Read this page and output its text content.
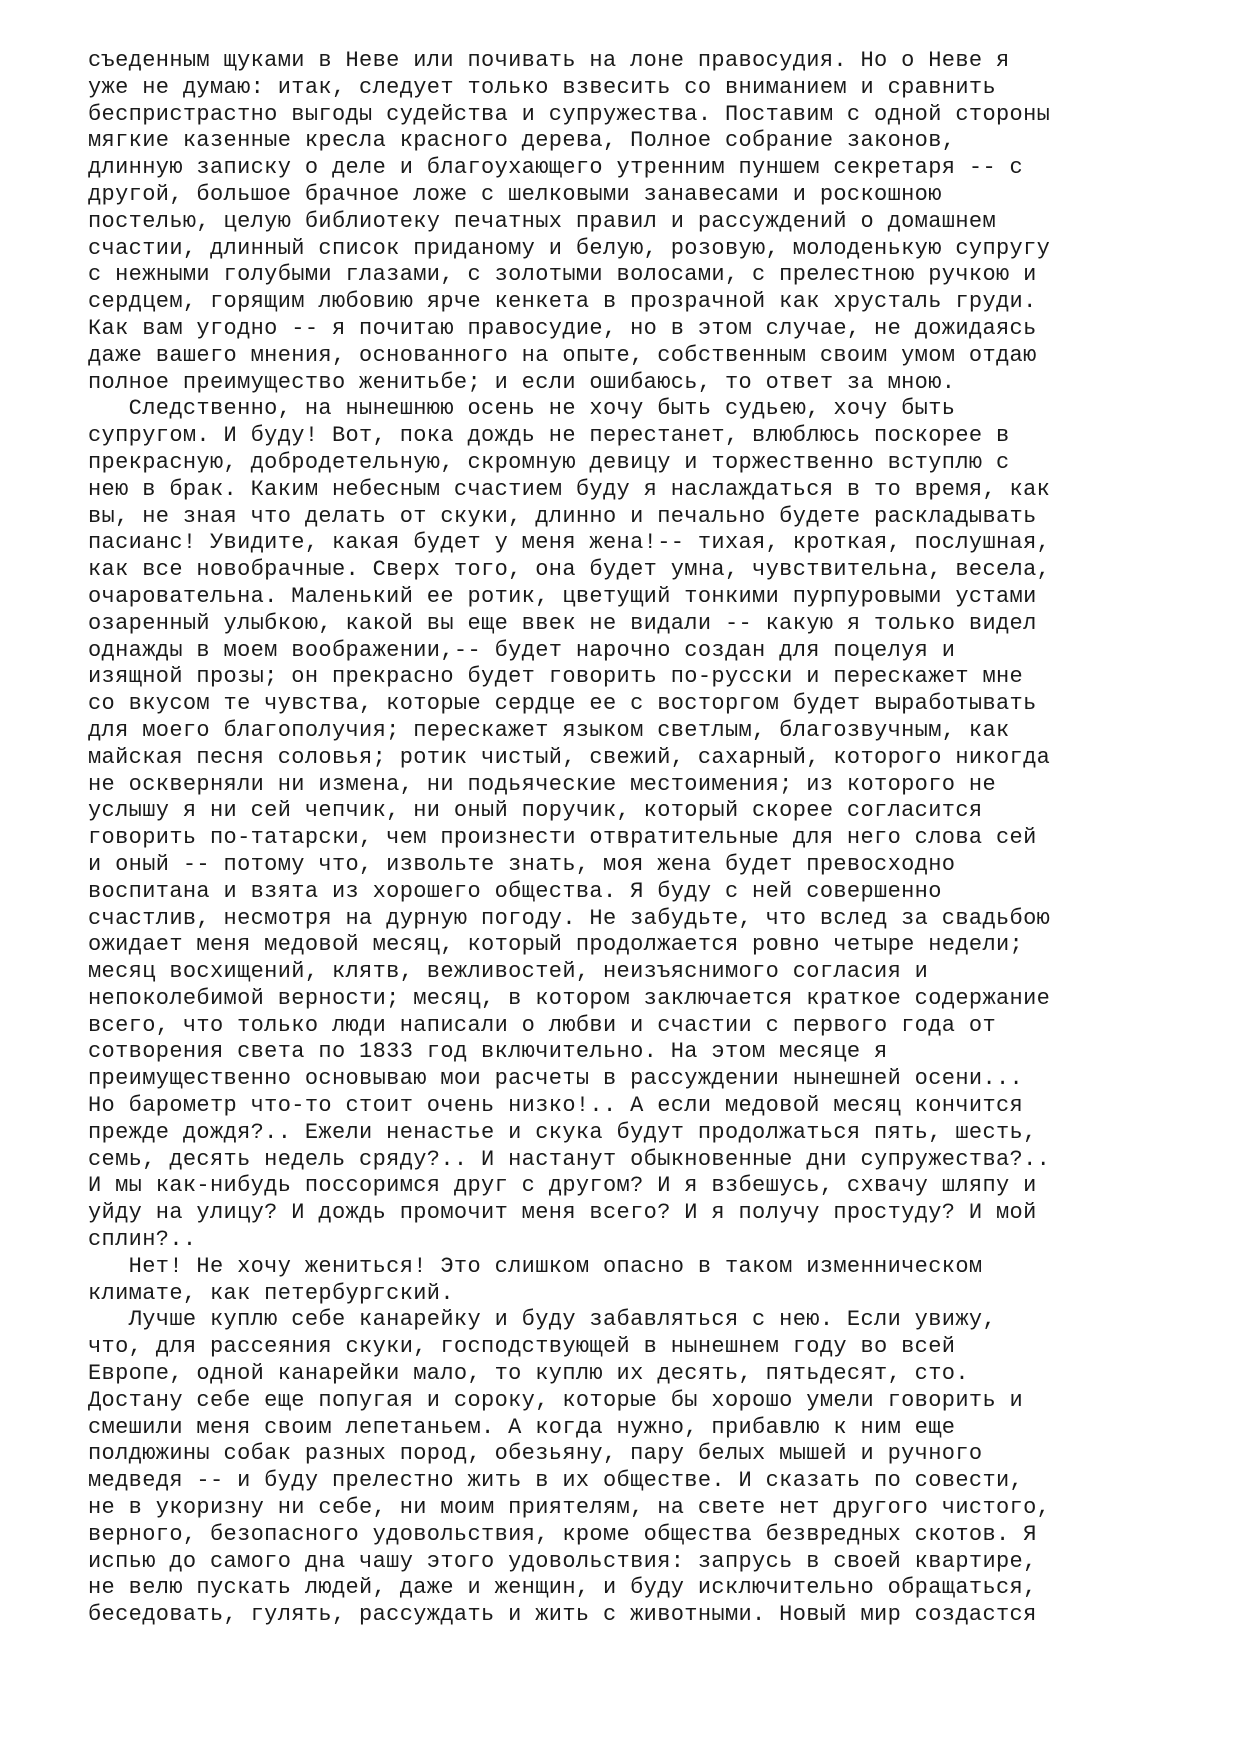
съеденным щуками в Неве или почивать на лоне правосудия. Но о Неве я
уже не думаю: итак, следует только взвесить со вниманием и сравнить
беспристрастно выгоды судейства и супружества. Поставим с одной стороны
мягкие казенные кресла красного дерева, Полное собрание законов,
длинную записку о деле и благоухающего утренним пуншем секретаря -- с
другой, большое брачное ложе с шелковыми занавесами и роскошною
постелью, целую библиотеку печатных правил и рассуждений о домашнем
счастии, длинный список приданому и белую, розовую, молоденькую супругу
с нежными голубыми глазами, с золотыми волосами, с прелестною ручкою и
сердцем, горящим любовию ярче кенкета в прозрачной как хрусталь груди.
Как вам угодно -- я почитаю правосудие, но в этом случае, не дожидаясь
даже вашего мнения, основанного на опыте, собственным своим умом отдаю
полное преимущество женитьбе; и если ошибаюсь, то ответ за мною.
Следственно, на нынешнюю осень не хочу быть судьею, хочу быть
супругом. И буду! Вот, пока дождь не перестанет, влюблюсь поскорее в
прекрасную, добродетельную, скромную девицу и торжественно вступлю с
нею в брак. Каким небесным счастием буду я наслаждаться в то время, как
вы, не зная что делать от скуки, длинно и печально будете раскладывать
пасианс! Увидите, какая будет у меня жена!-- тихая, кроткая, послушная,
как все новобрачные. Сверх того, она будет умна, чувствительна, весела,
очаровательна. Маленький ее ротик, цветущий тонкими пурпуровыми устами
озаренный улыбкою, какой вы еще ввек не видали -- какую я только видел
однажды в моем воображении,-- будет нарочно создан для поцелуя и
изящной прозы; он прекрасно будет говорить по-русски и перескажет мне
со вкусом те чувства, которые сердце ее с восторгом будет выработывать
для моего благополучия; перескажет языком светлым, благозвучным, как
майская песня соловья; ротик чистый, свежий, сахарный, которого никогда
не оскверняли ни измена, ни подьяческие местоимения; из которого не
услышу я ни сей чепчик, ни оный поручик, который скорее согласится
говорить по-татарски, чем произнести отвратительные для него слова сей
и оный -- потому что, извольте знать, моя жена будет превосходно
воспитана и взята из хорошего общества. Я буду с ней совершенно
счастлив, несмотря на дурную погоду. Не забудьте, что вслед за свадьбою
ожидает меня медовой месяц, который продолжается ровно четыре недели;
месяц восхищений, клятв, вежливостей, неизъяснимого согласия и
непоколебимой верности; месяц, в котором заключается краткое содержание
всего, что только люди написали о любви и счастии с первого года от
сотворения света по 1833 год включительно. На этом месяце я
преимущественно основываю мои расчеты в рассуждении нынешней осени...
Но барометр что-то стоит очень низко!.. А если медовой месяц кончится
прежде дождя?.. Ежели ненастье и скука будут продолжаться пять, шесть,
семь, десять недель сряду?.. И настанут обыкновенные дни супружества?..
И мы как-нибудь поссоримся друг с другом? И я взбешусь, схвачу шляпу и
уйду на улицу? И дождь промочит меня всего? И я получу простуду? И мой
сплин?..
Нет! Не хочу жениться! Это слишком опасно в таком изменническом
климате, как петербургский.
Лучше куплю себе канарейку и буду забавляться с нею. Если увижу,
что, для рассеяния скуки, господствующей в нынешнем году во всей
Европе, одной канарейки мало, то куплю их десять, пятьдесят, сто.
Достану себе еще попугая и сороку, которые бы хорошо умели говорить и
смешили меня своим лепетаньем. А когда нужно, прибавлю к ним еще
полдюжины собак разных пород, обезьяну, пару белых мышей и ручного
медведя -- и буду прелестно жить в их обществе. И сказать по совести,
не в укоризну ни себе, ни моим приятелям, на свете нет другого чистого,
верного, безопасного удовольствия, кроме общества безвредных скотов. Я
испью до самого дна чашу этого удовольствия: запрусь в своей квартире,
не велю пускать людей, даже и женщин, и буду исключительно обращаться,
беседовать, гулять, рассуждать и жить с животными. Новый мир создастся
